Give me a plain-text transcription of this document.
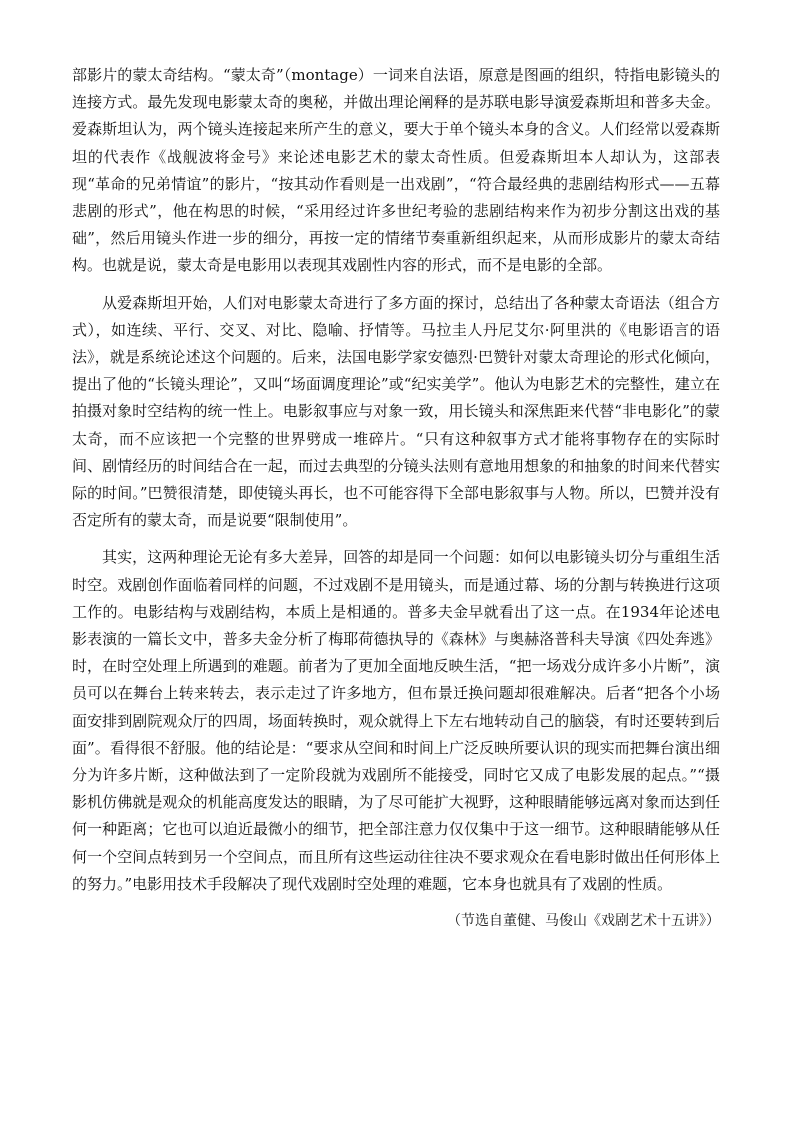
部影片的蒙太奇结构。“蒙太奇”（montage）一词来自法语，原意是图画的组织，特指电影镜头的连接方式。最先发现电影蒙太奇的奥秘，并做出理论阐释的是苏联电影导演爱森斯坦和普多夫金。爱森斯坦认为，两个镜头连接起来所产生的意义，要大于单个镜头本身的含义。人们经常以爱森斯坦的代表作《战舰波将金号》来论述电影艺术的蒙太奇性质。但爱森斯坦本人却认为，这部表现“革命的兄弟情谊”的影片，“按其动作看则是一出戏剧”，“符合最经典的悲剧结构形式——五幕悲剧的形式”，他在构思的时候，“采用经过许多世纪考验的悲剧结构来作为初步分割这出戏的基础”，然后用镜头作进一步的细分，再按一定的情绪节奏重新组织起来，从而形成影片的蒙太奇结构。也就是说，蒙太奇是电影用以表现其戏剧性内容的形式，而不是电影的全部。

从爱森斯坦开始，人们对电影蒙太奇进行了多方面的探讨，总结出了各种蒙太奇语法（组合方式），如连续、平行、交叉、对比、隐喻、抒情等。马拉圭人丹尼艾尔·阿里洪的《电影语言的语法》，就是系统论述这个问题的。后来，法国电影学家安德烈·巴赞针对蒙太奇理论的形式化倾向，提出了他的“长镜头理论”，又叫“场面调度理论”或“纪实美学”。他认为电影艺术的完整性，建立在拍摄对象时空结构的统一性上。电影叙事应与对象一致，用长镜头和深焦距来代替“非电影化”的蒙太奇，而不应该把一个完整的世界劈成一堆碎片。“只有这种叙事方式才能将事物存在的实际时间、剧情经历的时间结合在一起，而过去典型的分镜头法则有意地用想象的和抽象的时间来代替实际的时间。”巴赞很清楚，即使镜头再长，也不可能容得下全部电影叙事与人物。所以，巴赞并没有否定所有的蒙太奇，而是说要“限制使用”。

其实，这两种理论无论有多大差异，回答的却是同一个问题：如何以电影镜头切分与重组生活时空。戏剧创作面临着同样的问题，不过戏剧不是用镜头，而是通过幕、场的分割与转换进行这项工作的。电影结构与戏剧结构，本质上是相通的。普多夫金早就看出了这一点。在1934年论述电影表演的一篇长文中，普多夫金分析了梅耶荷德执导的《森林》与奥赫洛普科夫导演《四处奔逃》时，在时空处理上所遇到的难题。前者为了更加全面地反映生活，“把一场戏分成许多小片断”，演员可以在舞台上转来转去，表示走过了许多地方，但布景迁换问题却很难解决。后者“把各个小场面安排到剧院观众厅的四周，场面转换时，观众就得上下左右地转动自己的脑袋，有时还要转到后面”。看得很不舒服。他的结论是：“要求从空间和时间上广泛反映所要认识的现实而把舞台演出细分为许多片断，这种做法到了一定阶段就为戏剧所不能接受，同时它又成了电影发展的起点。”“摄影机仿佛就是观众的机能高度发达的眼睛，为了尽可能扩大视野，这种眼睛能够远离对象而达到任何一种距离；它也可以迫近最微小的细节，把全部注意力仅仅集中于这一细节。这种眼睛能够从任何一个空间点转到另一个空间点，而且所有这些运动往往决不要求观众在看电影时做出任何形体上的努力。”电影用技术手段解决了现代戏剧时空处理的难题，它本身也就具有了戏剧的性质。

（节选自董健、马俊山《戏剧艺术十五讲》）
